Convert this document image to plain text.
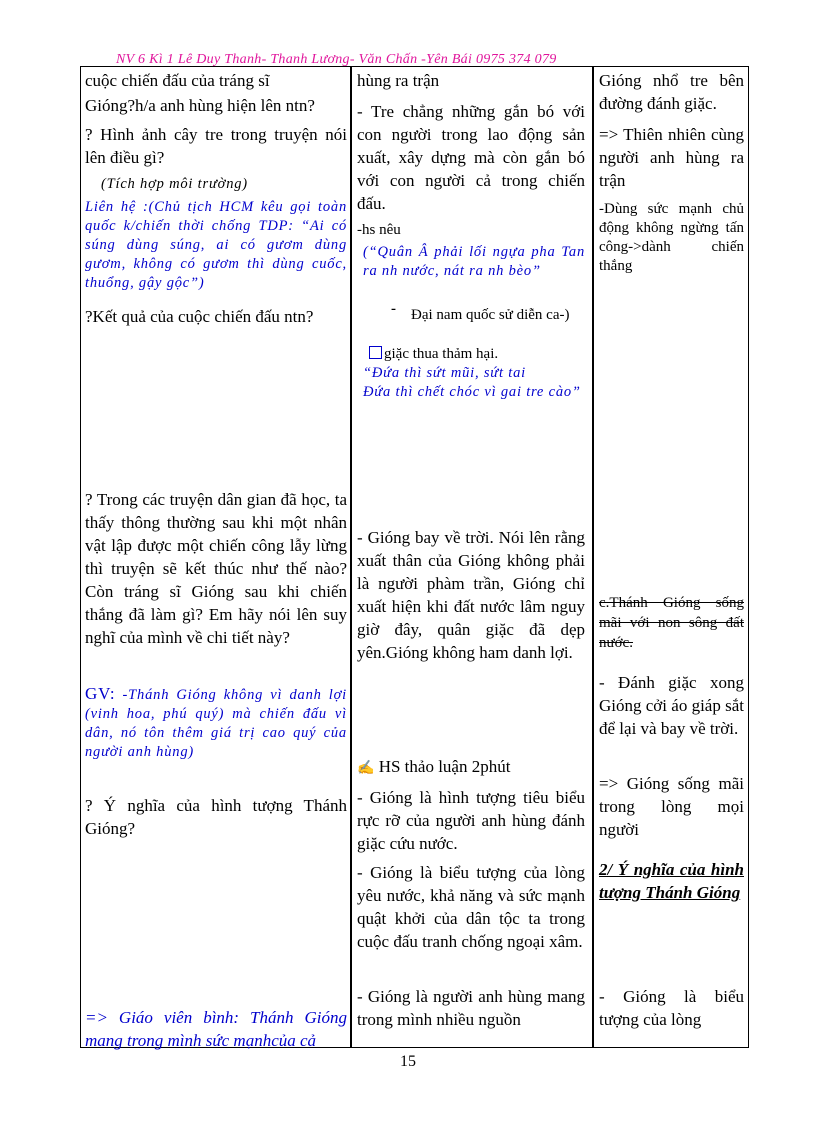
NV 6 Kì 1 Lê Duy Thanh- Thanh Lương- Văn Chấn -Yên Bái 0975 374 079

cuộc chiến đấu của tráng sĩ

Gióng?h/a anh hùng hiện lên ntn?

? Hình ảnh cây tre trong truyện nói lên điều gì?

(Tích hợp môi trường)

Liên hệ :(Chủ tịch HCM kêu gọi toàn quốc k/chiến thời chống TDP: “Ai có súng dùng súng, ai có gươm dùng gươm, không có gươm thì dùng cuốc, thuổng, gậy gộc”)

?Kết quả của cuộc chiến đấu ntn?

? Trong các truyện dân gian đã học, ta thấy thông thường sau khi một nhân vật lập được một chiến công lẫy lừng thì truyện sẽ kết thúc như thế nào? Còn tráng sĩ Gióng sau khi chiến thắng đã làm gì? Em hãy nói lên suy nghĩ của mình về chi tiết này?

GV: -Thánh Gióng không vì danh lợi (vinh hoa, phú quý) mà chiến đấu vì dân, nó tôn thêm giá trị cao quý của người anh hùng)

? Ý nghĩa của hình tượng Thánh Gióng?

=> Giáo viên bình: Thánh Gióng mang trong mình sức mạnhcủa cả

hùng ra trận

- Tre chẳng những gắn bó với con người trong lao động sản xuất, xây dựng mà còn gắn bó với con người cả trong chiến đấu.

-hs nêu

(“Quân Â phải lối ngựa pha Tan ra nh nước, nát ra nh bèo”

- Đại nam quốc sử diễn ca-)

giặc thua thảm hại.

“Đứa thì sứt mũi, sứt tai
Đứa thì chết chóc vì gai tre cào”

- Gióng bay về trời. Nói lên rằng xuất thân của Gióng không phải là người phàm trần, Gióng chỉ xuất hiện khi đất nước lâm nguy giờ đây, quân giặc đã dẹp yên.Gióng không ham danh lợi.

✍ HS thảo luận 2phút

- Gióng là hình tượng tiêu biểu rực rỡ của người anh hùng đánh giặc cứu nước.

- Gióng là biểu tượng của lòng yêu nước, khả năng và sức mạnh quật khởi của dân tộc ta trong cuộc đấu tranh chống ngoại xâm.

- Gióng là người anh hùng mang trong mình nhiều nguồn

Gióng nhổ tre bên đường đánh giặc.

=> Thiên nhiên cùng người anh hùng ra trận

-Dùng sức mạnh chủ động không ngừng tấn công->dành chiến thắng

c.Thánh Gióng sống mãi với non sông đất nước.

- Đánh giặc xong Gióng cởi áo giáp sắt để lại và bay về trời.

=> Gióng sống mãi trong lòng mọi người

2/ Ý nghĩa của hình tượng Thánh Gióng

- Gióng là biểu tượng của lòng

15
